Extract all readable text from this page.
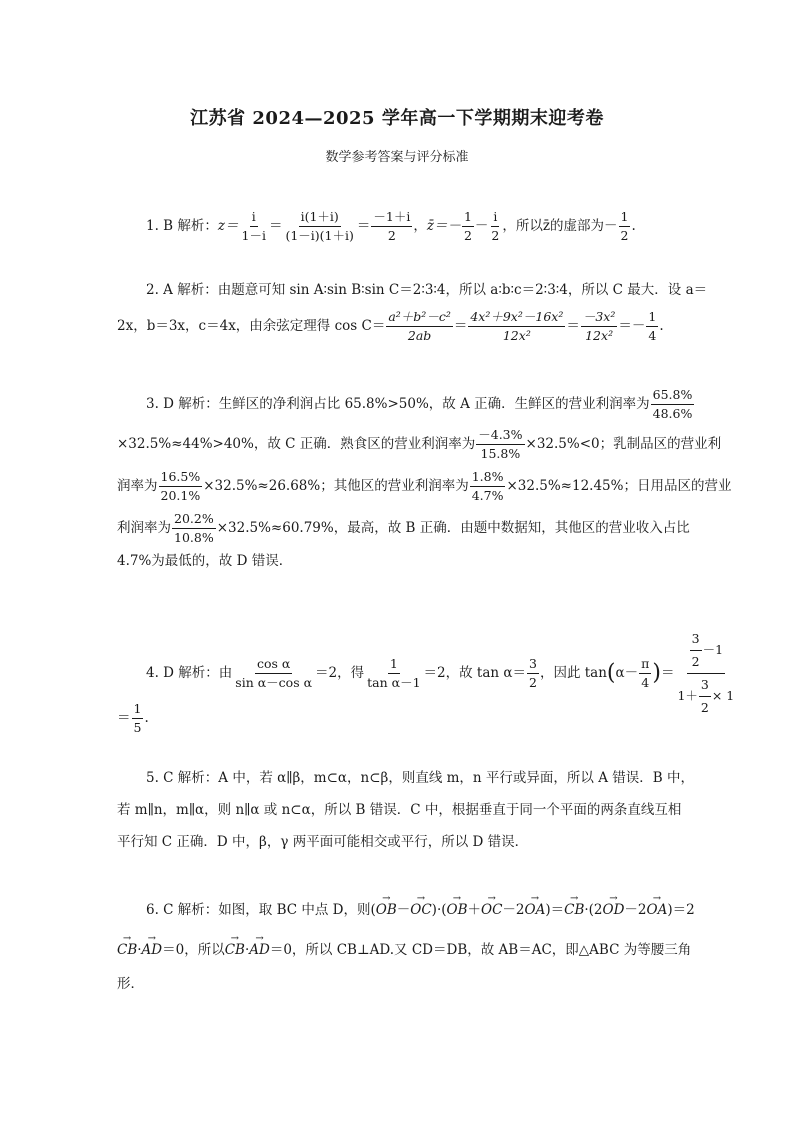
江苏省 2024—2025 学年高一下学期期末迎考卷
数学参考答案与评分标准
1. B 解析：$z= \frac{i}{1-i} = \frac{i(1+i)}{(1-i)(1+i)} = \frac{-1+i}{2}$ ，z̄＝－ $\frac{1}{2} - \frac{i}{2}$ ，所以z̄的虚部为－ $\frac{1}{2}$ .
2. A 解析：由题意可知 sin A∶sin B∶sin C＝2∶3∶4，所以 a∶b∶c＝2∶3∶4，所以 C 最大．设 a＝
2x，b＝3x，c＝4x，由余弦定理得 $\cos C= \frac{\text{a²＋b²－c²}}{2ab} = \frac{\text{4x²＋9x²－16x²}}{\text{12x²}} = \frac{\text{－3x²}}{\text{12x²}} =- \frac{1}{4}$ .
3. D 解析：生鲜区的净利润占比 65.8%>50%，故 A 正确．生鲜区的营业利润率为 $\frac{65.8\%}{48.6\%}$
×32.5%≈44%>40%，故 C 正确．熟食区的营业利润率为 $\frac{-4.3\%}{15.8\%} \times 32.5\%<0$；乳制品区的营业利
润率为 $\frac{16.5\%}{20.1\%} \times 32.5\%\approx 26.68\%$；其他区的营业利润率为 $\frac{1.8\%}{4.7\%} \times 32.5\%\approx 12.45\%$；日用品区的营业
利润率为 $\frac{20.2\%}{10.8\%} \times 32.5\%\approx 60.79\%$，最高，故 B 正确．由题中数据知，其他区的营业收入占比
4.7%为最低的，故 D 错误．
4. D 解析：由 $\frac{\text{cos α}}{\text{sin α－cos α}} =2$，得 $\frac{1}{\text{tan α－1}} =2$，故 $\tan \alpha= \frac{3}{2}$ ，因此 $\tan(\alpha- \frac{\pi}{4}$ )＝ $\frac{\frac{3}{2} -1}{1+ \frac{3}{2} \times 1}$
＝ $\frac{1}{5}$ .
5. C 解析：A 中，若 α∥β，m⊂α，n⊂β，则直线 m，n 平行或异面，所以 A 错误．B 中，
若 m∥n，m∥α，则 n∥α 或 n⊂α，所以 B 错误．C 中，根据垂直于同一个平面的两条直线互相
平行知 C 正确．D 中，β，γ 两平面可能相交或平行，所以 D 错误．
6. C 解析：如图，取 BC 中点 D，则(→ OB－→ OC)·(→ OB＋→ OC－2→ OA)＝→ CB·(2→ OD－2→ OA)＝2
→ CB·→ AD＝0，所以→ CB·→ AD＝0，所以 CB⊥AD.又 CD＝DB，故 AB＝AC，即△ABC 为等腰三角
形．
